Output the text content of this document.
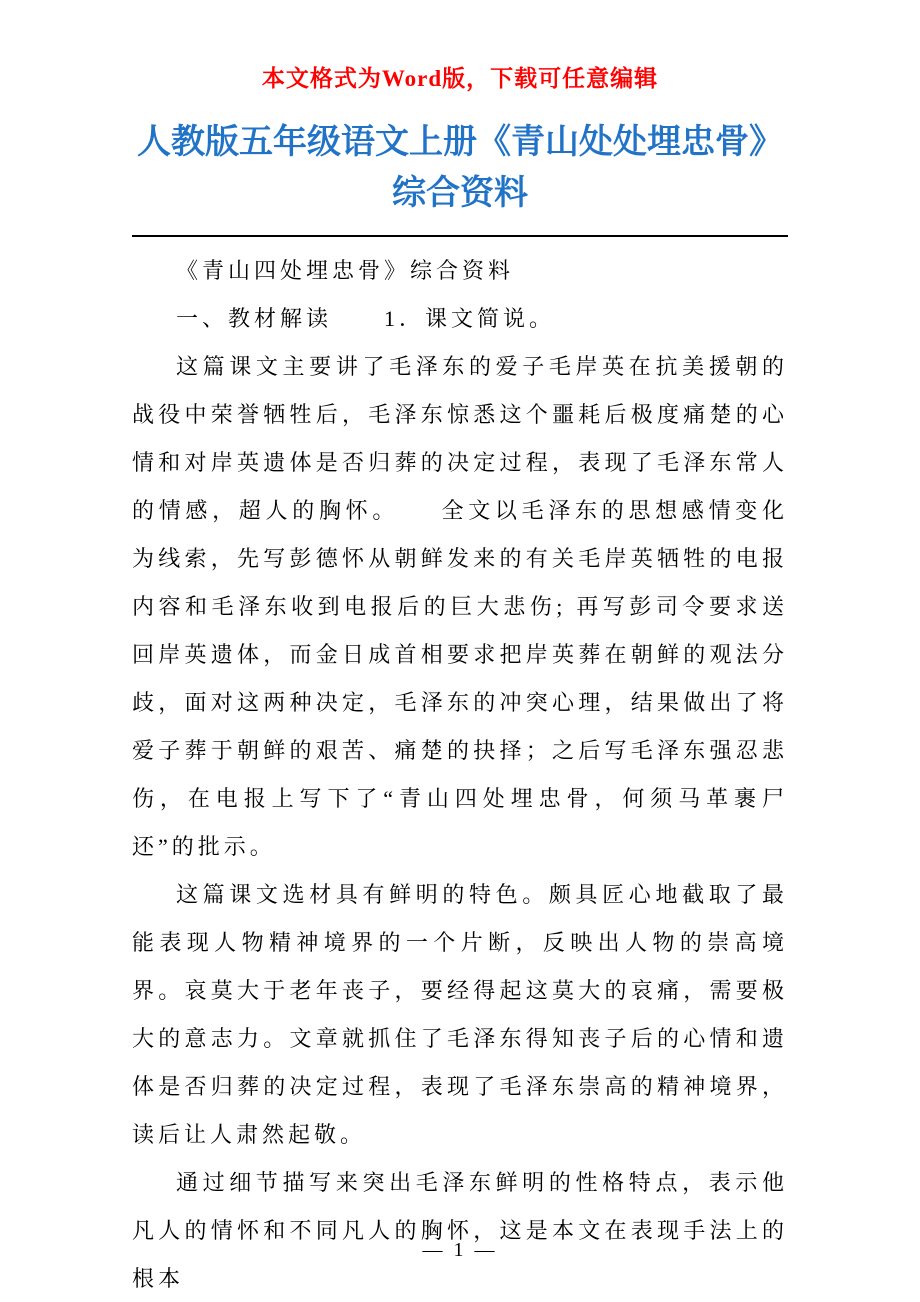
本文格式为Word版，下载可任意编辑
人教版五年级语文上册《青山处处埋忠骨》
综合资料

《青山四处埋忠骨》综合资料

一、教材解读　　1．课文简说。

这篇课文主要讲了毛泽东的爱子毛岸英在抗美援朝的战役中荣誉牺牲后，毛泽东惊悉这个噩耗后极度痛楚的心情和对岸英遗体是否归葬的决定过程，表现了毛泽东常人的情感，超人的胸怀。　　全文以毛泽东的思想感情变化为线索，先写彭德怀从朝鲜发来的有关毛岸英牺牲的电报内容和毛泽东收到电报后的巨大悲伤; 再写彭司令要求送回岸英遗体，而金日成首相要求把岸英葬在朝鲜的观法分歧，面对这两种决定，毛泽东的冲突心理，结果做出了将爱子葬于朝鲜的艰苦、痛楚的抉择；之后写毛泽东强忍悲伤，在电报上写下了“青山四处埋忠骨，何须马革裹尸还”的批示。

这篇课文选材具有鲜明的特色。颇具匠心地截取了最能表现人物精神境界的一个片断，反映出人物的崇高境界。哀莫大于老年丧子，要经得起这莫大的哀痛，需要极大的意志力。文章就抓住了毛泽东得知丧子后的心情和遗体是否归葬的决定过程，表现了毛泽东崇高的精神境界，读后让人肃然起敬。

通过细节描写来突出毛泽东鲜明的性格特点，表示他凡人的情怀和不同凡人的胸怀，这是本文在表现手法上的根本

— 1 —
